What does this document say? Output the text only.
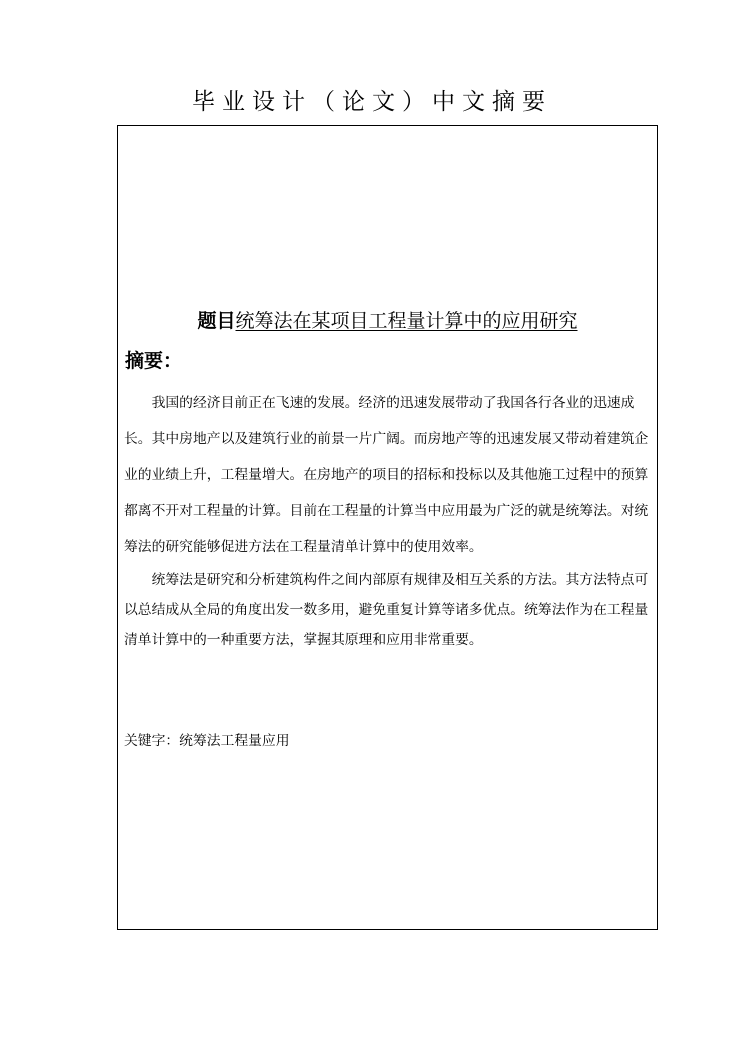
毕业设计（论文）中文摘要
题目统筹法在某项目工程量计算中的应用研究
摘要：

我国的经济目前正在飞速的发展。经济的迅速发展带动了我国各行各业的迅速成长。其中房地产以及建筑行业的前景一片广阔。而房地产等的迅速发展又带动着建筑企业的业绩上升，工程量增大。在房地产的项目的招标和投标以及其他施工过程中的预算都离不开对工程量的计算。目前在工程量的计算当中应用最为广泛的就是统筹法。对统筹法的研究能够促进方法在工程量清单计算中的使用效率。

统筹法是研究和分析建筑构件之间内部原有规律及相互关系的方法。其方法特点可以总结成从全局的角度出发一数多用，避免重复计算等诸多优点。统筹法作为在工程量清单计算中的一种重要方法，掌握其原理和应用非常重要。

关键字：统筹法工程量应用
